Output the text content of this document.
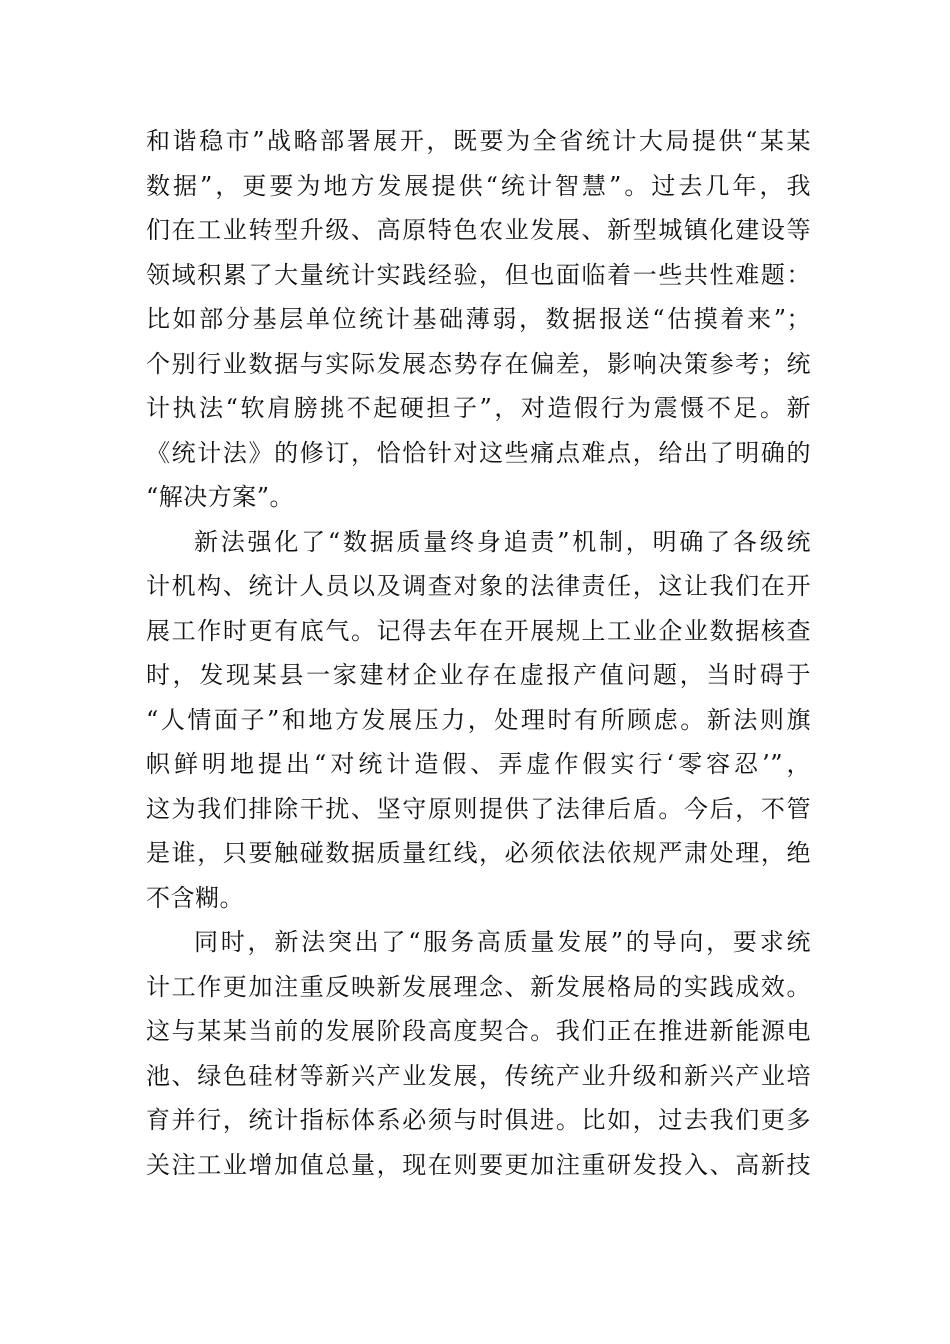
和谐稳市”战略部署展开，既要为全省统计大局提供“某某
数据”，更要为地方发展提供“统计智慧”。过去几年，我
们在工业转型升级、高原特色农业发展、新型城镇化建设等
领域积累了大量统计实践经验，但也面临着一些共性难题：
比如部分基层单位统计基础薄弱，数据报送“估摸着来”；
个别行业数据与实际发展态势存在偏差，影响决策参考；统
计执法“软肩膀挑不起硬担子”，对造假行为震慑不足。新
《统计法》的修订，恰恰针对这些痛点难点，给出了明确的
“解决方案”。
新法强化了“数据质量终身追责”机制，明确了各级统
计机构、统计人员以及调查对象的法律责任，这让我们在开
展工作时更有底气。记得去年在开展规上工业企业数据核查
时，发现某县一家建材企业存在虚报产值问题，当时碍于
“人情面子”和地方发展压力，处理时有所顾虑。新法则旗
帜鲜明地提出“对统计造假、弄虚作假实行‘零容忍’”，
这为我们排除干扰、坚守原则提供了法律后盾。今后，不管
是谁，只要触碰数据质量红线，必须依法依规严肃处理，绝
不含糊。
同时，新法突出了“服务高质量发展”的导向，要求统
计工作更加注重反映新发展理念、新发展格局的实践成效。
这与某某当前的发展阶段高度契合。我们正在推进新能源电
池、绿色硅材等新兴产业发展，传统产业升级和新兴产业培
育并行，统计指标体系必须与时俱进。比如，过去我们更多
关注工业增加值总量，现在则要更加注重研发投入、高新技
